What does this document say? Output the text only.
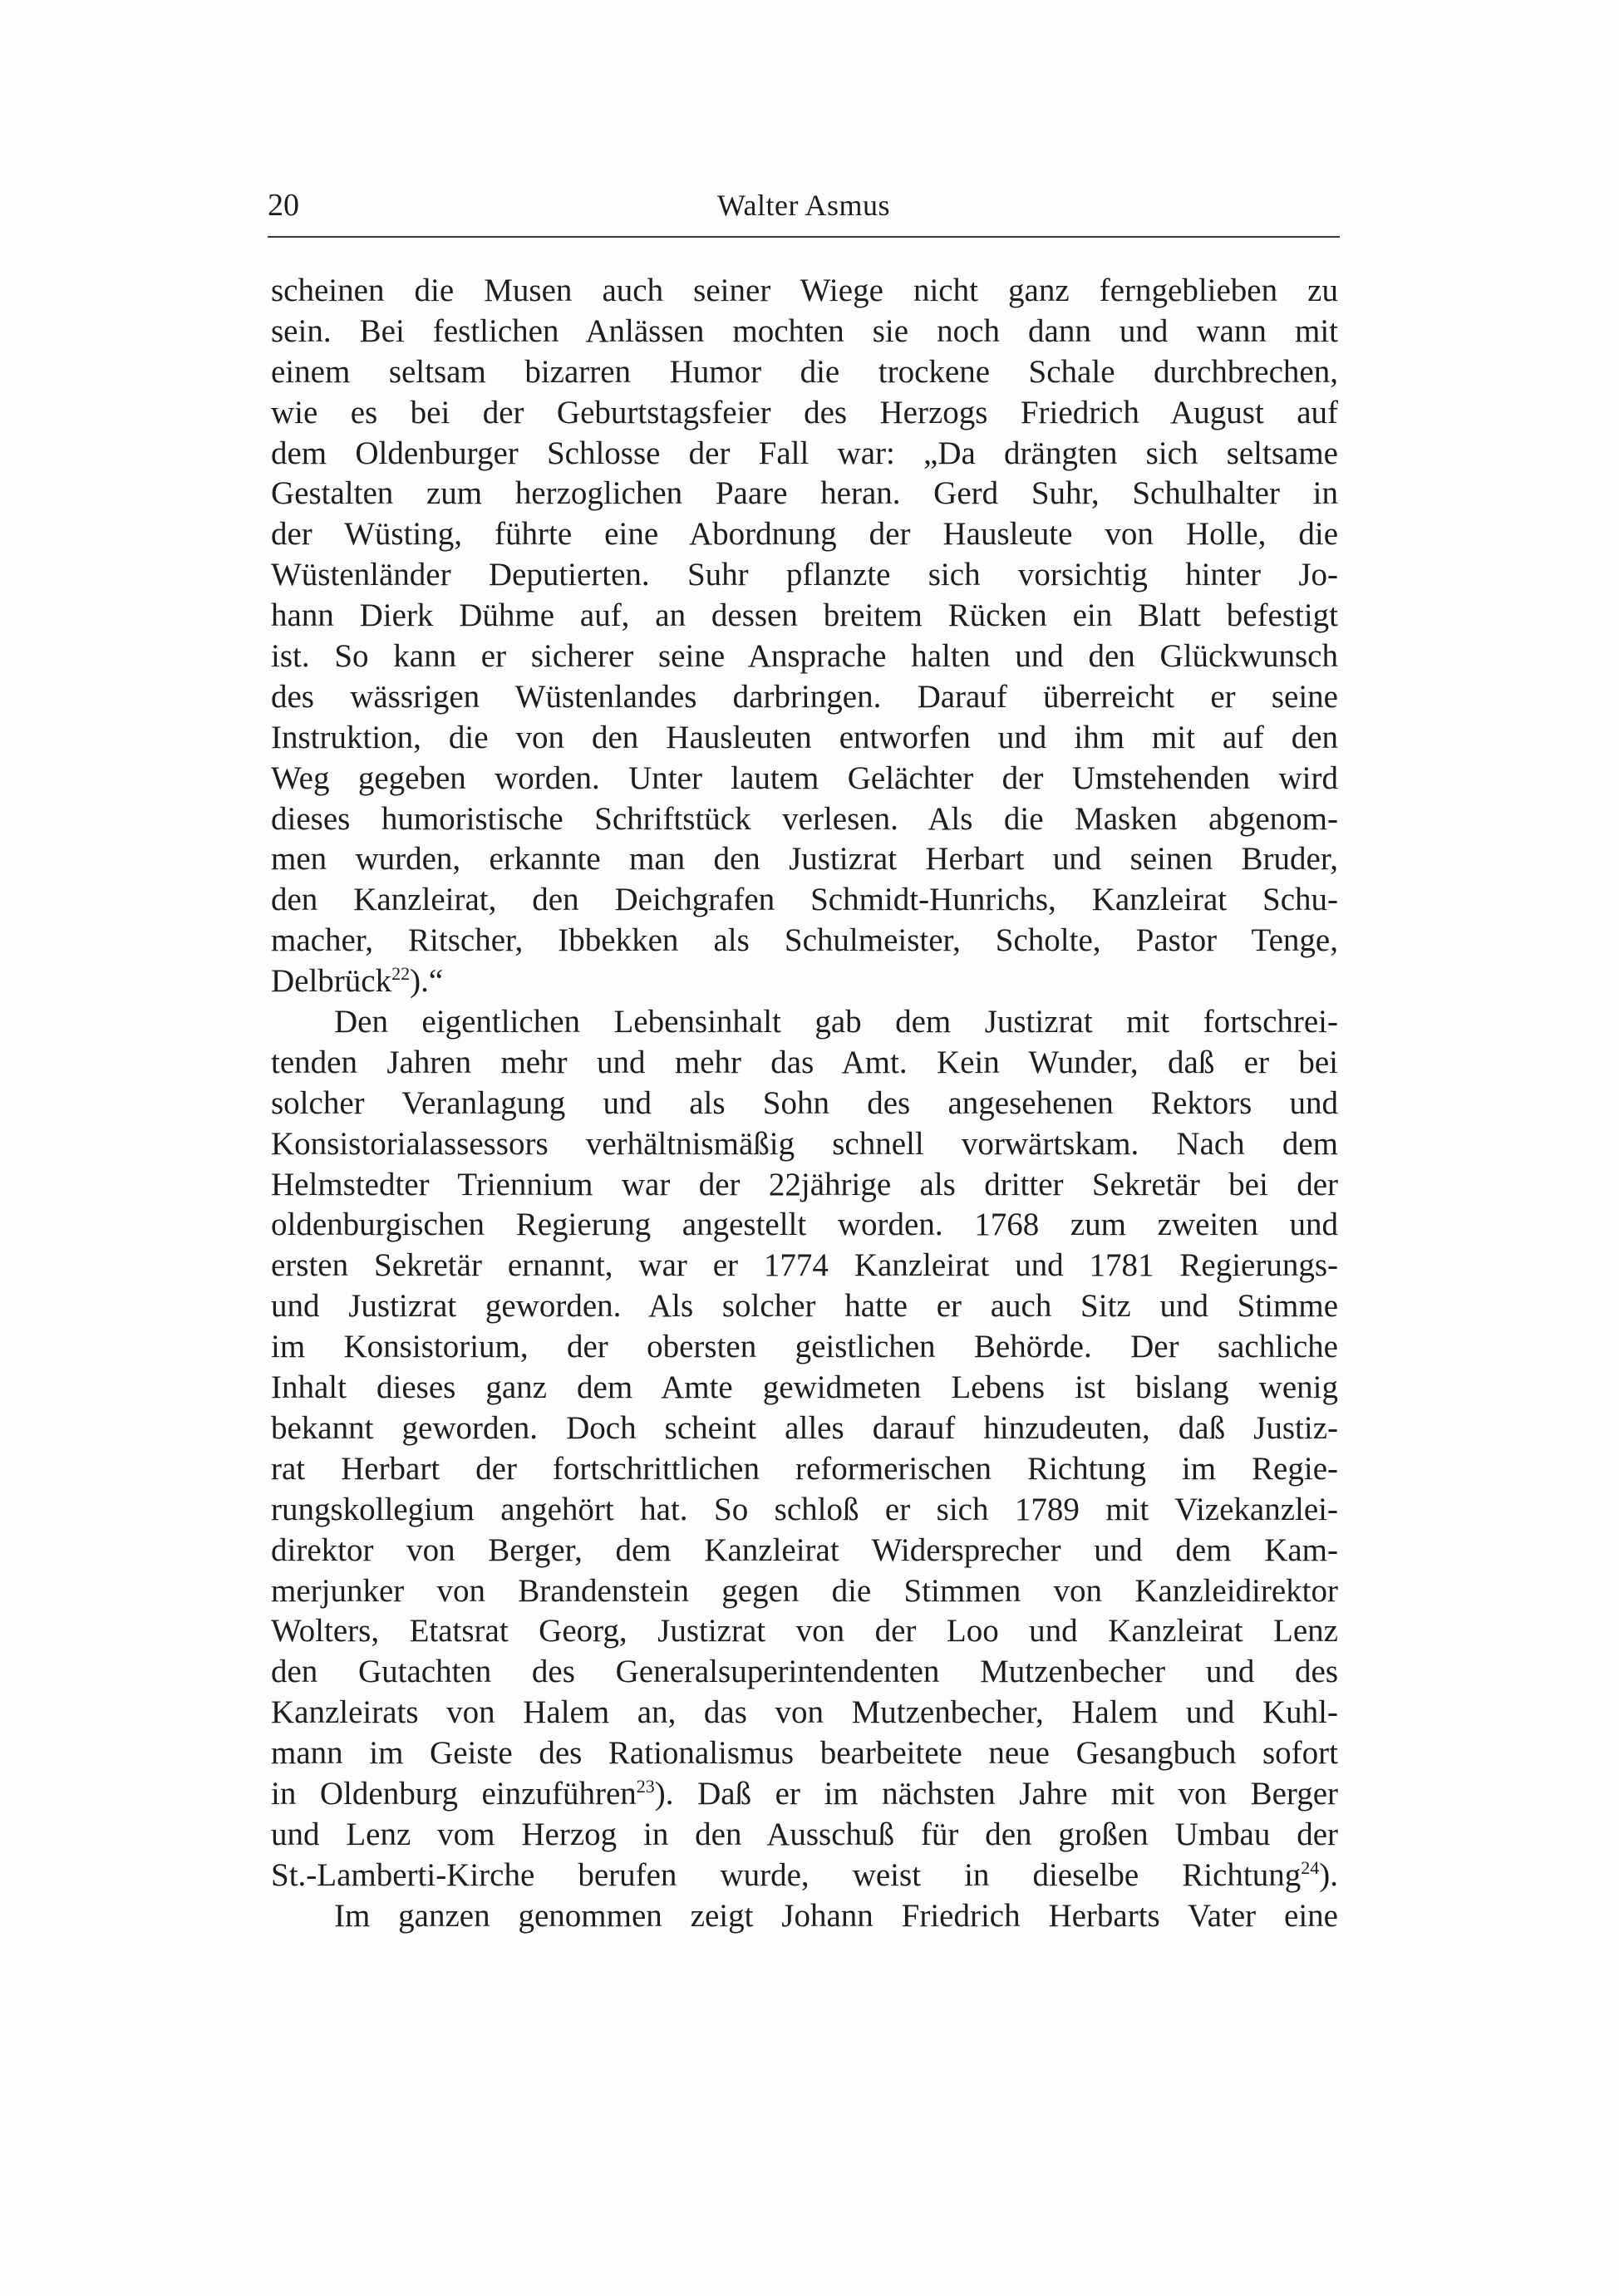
20	Walter Asmus
scheinen die Musen auch seiner Wiege nicht ganz ferngeblieben zu
sein. Bei festlichen Anlässen mochten sie noch dann und wann mit
einem seltsam bizarren Humor die trockene Schale durchbrechen,
wie es bei der Geburtstagsfeier des Herzogs Friedrich August auf
dem Oldenburger Schlosse der Fall war: „Da drängten sich seltsame
Gestalten zum herzoglichen Paare heran. Gerd Suhr, Schulhalter in
der Wüsting, führte eine Abordnung der Hausleute von Holle, die
Wüstenländer Deputierten. Suhr pflanzte sich vorsichtig hinter Jo-
hann Dierk Dühme auf, an dessen breitem Rücken ein Blatt befestigt
ist. So kann er sicherer seine Ansprache halten und den Glückwunsch
des wässrigen Wüstenlandes darbringen. Darauf überreicht er seine
Instruktion, die von den Hausleuten entworfen und ihm mit auf den
Weg gegeben worden. Unter lautem Gelächter der Umstehenden wird
dieses humoristische Schriftstück verlesen. Als die Masken abgenom-
men wurden, erkannte man den Justizrat Herbart und seinen Bruder,
den Kanzleirat, den Deichgrafen Schmidt-Hunrichs, Kanzleirat Schu-
macher, Ritscher, Ibbekken als Schulmeister, Scholte, Pastor Tenge,
Delbrück$^{22}$).“
Den eigentlichen Lebensinhalt gab dem Justizrat mit fortschrei-
tenden Jahren mehr und mehr das Amt. Kein Wunder, daß er bei
solcher Veranlagung und als Sohn des angesehenen Rektors und
Konsistorialassessors verhältnismäßig schnell vorwärtskam. Nach dem
Helmstedter Triennium war der 22jährige als dritter Sekretär bei der
oldenburgischen Regierung angestellt worden. 1768 zum zweiten und
ersten Sekretär ernannt, war er 1774 Kanzleirat und 1781 Regierungs-
und Justizrat geworden. Als solcher hatte er auch Sitz und Stimme
im Konsistorium, der obersten geistlichen Behörde. Der sachliche
Inhalt dieses ganz dem Amte gewidmeten Lebens ist bislang wenig
bekannt geworden. Doch scheint alles darauf hinzudeuten, daß Justiz-
rat Herbart der fortschrittlichen reformerischen Richtung im Regie-
rungskollegium angehört hat. So schloß er sich 1789 mit Vizekanzlei-
direktor von Berger, dem Kanzleirat Widersprecher und dem Kam-
merjunker von Brandenstein gegen die Stimmen von Kanzleidirektor
Wolters, Etatsrat Georg, Justizrat von der Loo und Kanzleirat Lenz
den Gutachten des Generalsuperintendenten Mutzenbecher und des
Kanzleirats von Halem an, das von Mutzenbecher, Halem und Kuhl-
mann im Geiste des Rationalismus bearbeitete neue Gesangbuch sofort
in Oldenburg einzuführen$^{23}$). Daß er im nächsten Jahre mit von Berger
und Lenz vom Herzog in den Ausschuß für den großen Umbau der
St.-Lamberti-Kirche berufen wurde, weist in dieselbe Richtung$^{24}$).
Im ganzen genommen zeigt Johann Friedrich Herbarts Vater eine
